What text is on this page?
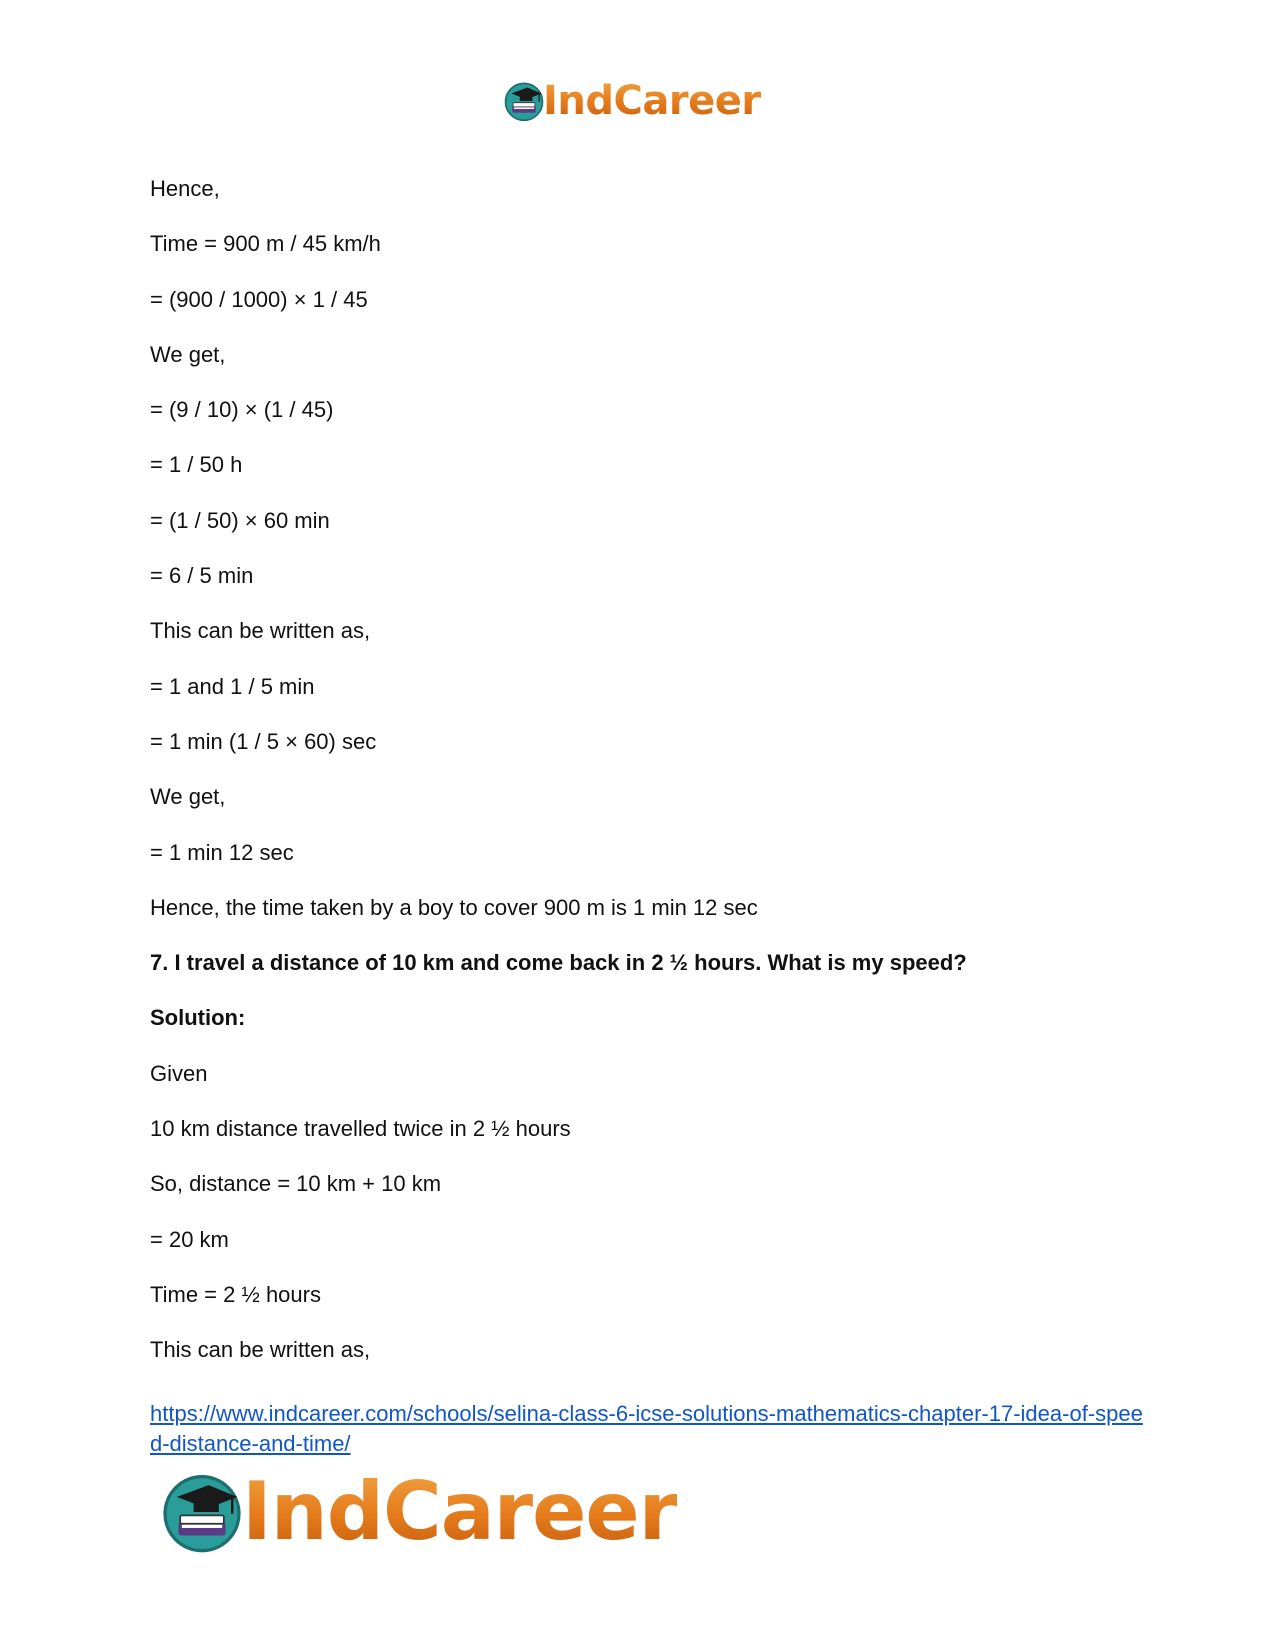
IndCareer
Hence,
Time = 900 m / 45 km/h
= (900 / 1000) × 1 / 45
We get,
= (9 / 10) × (1 / 45)
= 1 / 50 h
= (1 / 50) × 60 min
= 6 / 5 min
This can be written as,
= 1 and 1 / 5 min
= 1 min (1 / 5 × 60) sec
We get,
= 1 min 12 sec
Hence, the time taken by a boy to cover 900 m is 1 min 12 sec
7. I travel a distance of 10 km and come back in 2 ½ hours. What is my speed?
Solution:
Given
10 km distance travelled twice in 2 ½ hours
So, distance = 10 km + 10 km
= 20 km
Time = 2 ½ hours
This can be written as,
https://www.indcareer.com/schools/selina-class-6-icse-solutions-mathematics-chapter-17-idea-of-speed-distance-and-time/
IndCareer
